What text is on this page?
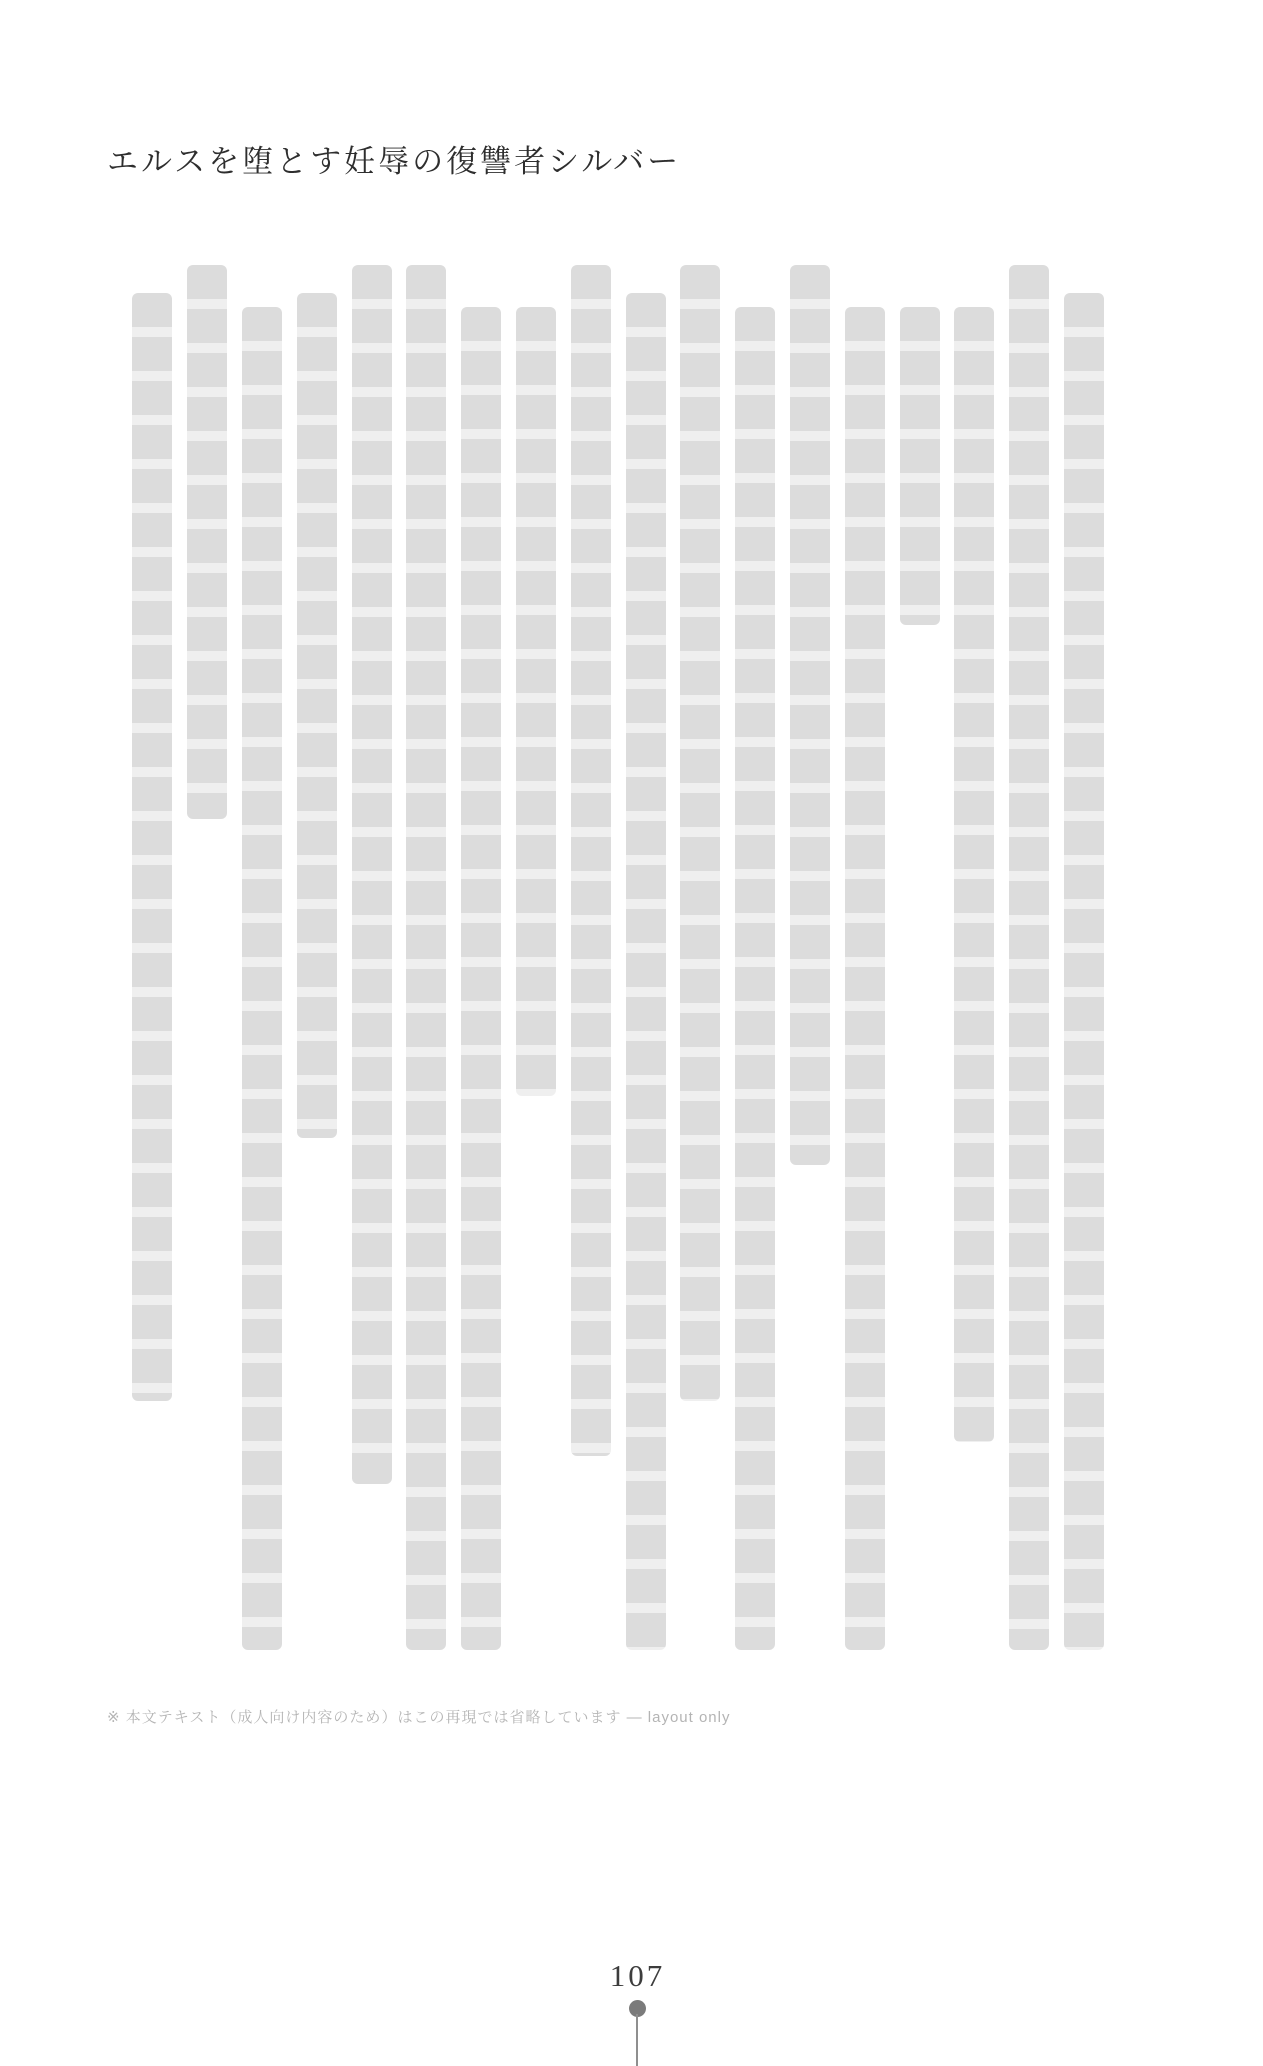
エルスを堕とす妊辱の復讐者シルバー
※ 本文テキスト（成人向け内容のため）はこの再現では省略しています — layout only
107
